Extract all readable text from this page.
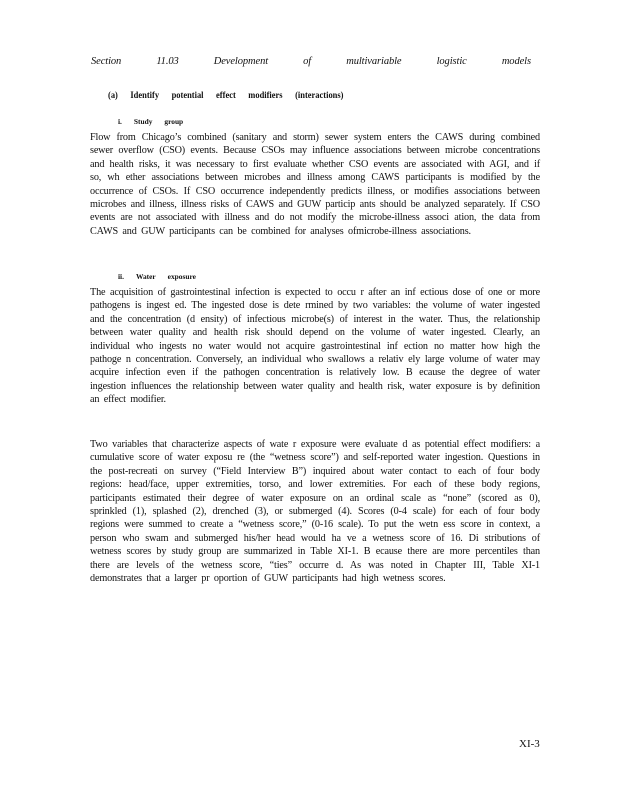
Section	11.03	Development	of	multivariable	logistic	models
(a) Identify potential effect modifiers (interactions)
i. Study group

Flow from Chicago’s combined (sanitary and storm) sewer system enters the CAWS during combined sewer overflow (CSO) events. Because CSOs may influence associations between microbe concentrations and health risks, it was necessary to first evaluate whether CSO events are associated with AGI, and if so, wh ether associations between microbes and illness among CAWS participants is modified by the occurrence of CSOs. If CSO occurrence independently predicts illness, or modifies associations between microbes and illness, illness risks of CAWS and GUW particip ants should be analyzed separately. If CSO events are not associated with illness and do not modify the microbe-illness associ ation, the data from CAWS and GUW participants can be combined for analyses ofmicrobe-illness associations.

ii. Water exposure

The acquisition of gastrointestinal infection is expected to occu r after an inf ectious dose of one or more pathogens is ingest ed. The ingested dose is dete rmined by two variables: the volume of water ingested and the concentration (d ensity) of infectious microbe(s) of interest in the water. Thus, the relationship between water quality and health risk should depend on the volume of water ingested. Clearly, an individual who ingests no water would not acquire gastrointestinal inf ection no matter how high the pathoge n concentration. Conversely, an individual who swallows a relativ ely large volume of water may acquire infection even if the pathogen concentration is relatively low. B ecause the degree of water ingestion influences the relationship between water quality and health risk, water exposure is by definition an effect modifier.

Two variables that characterize aspects of wate r exposure were evaluate d as potential effect modifiers: a cumulative score of water exposu re (the “wetness score”) and self-reported water ingestion. Questions in the post-recreati on survey (“Field Interview B”) inquired about water contact to each of four body regions: head/face, upper extremities, torso, and lower extremities. For each of these body regions, participants estimated their degree of water exposure on an ordinal scale as “none” (scored as 0), sprinkled (1), splashed (2), drenched (3), or submerged (4). Scores (0-4 scale) for each of four body regions were summed to create a “wetness score,” (0-16 scale). To put the wetn ess score in context, a person who swam and submerged his/her head would ha ve a wetness score of 16. Di stributions of wetness scores by study group are summarized in Table XI-1. B ecause there are more percentiles than there are levels of the wetness score, “ties” occurre d. As was noted in Chapter III, Table XI-1 demonstrates that a larger pr oportion of GUW participants had high wetness scores.

XI-3
